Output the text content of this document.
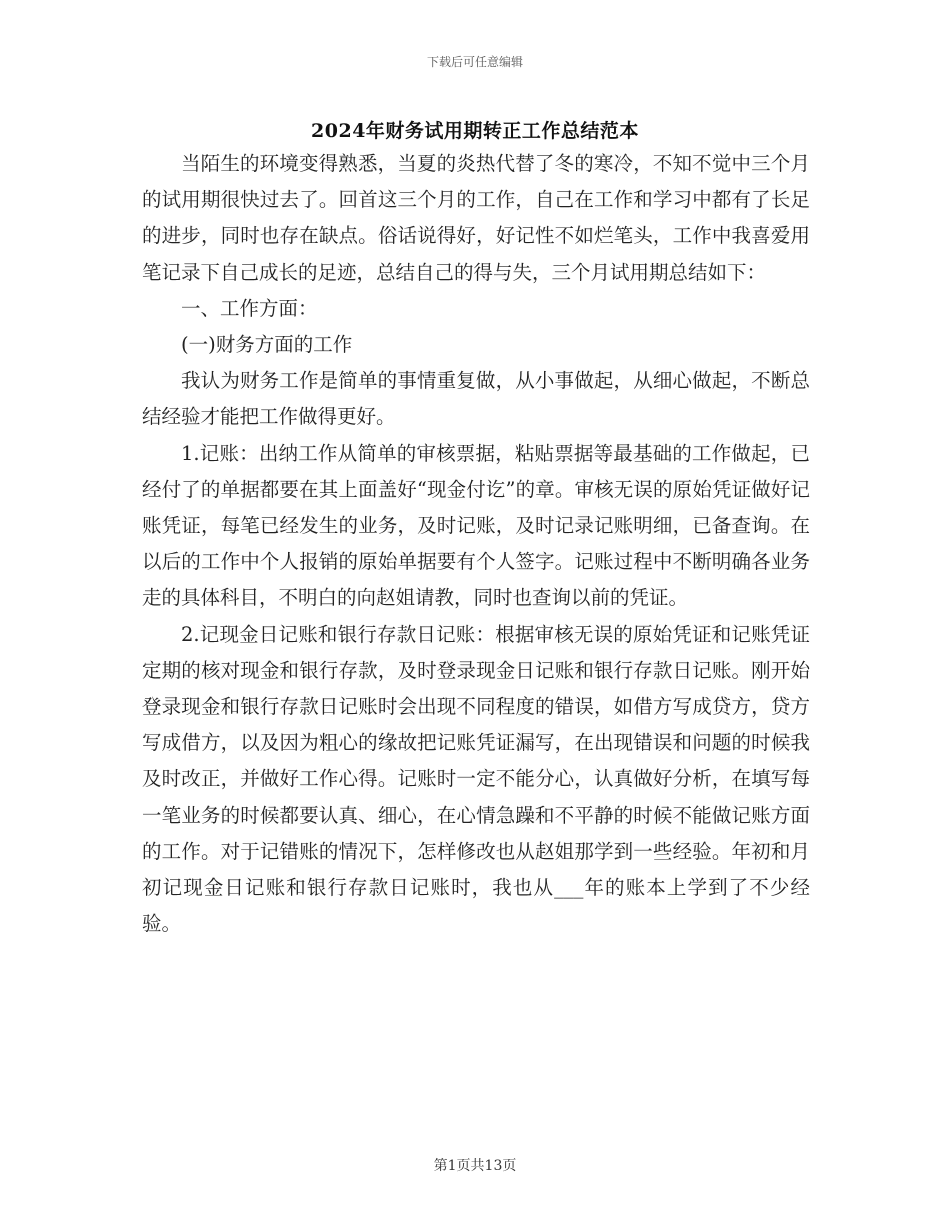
下载后可任意编辑
2024年财务试用期转正工作总结范本

当陌生的环境变得熟悉，当夏的炎热代替了冬的寒冷，不知不觉中三个月的试用期很快过去了。回首这三个月的工作，自己在工作和学习中都有了长足的进步，同时也存在缺点。俗话说得好，好记性不如烂笔头，工作中我喜爱用笔记录下自己成长的足迹，总结自己的得与失，三个月试用期总结如下：

一、工作方面：

(一)财务方面的工作

我认为财务工作是简单的事情重复做，从小事做起，从细心做起，不断总结经验才能把工作做得更好。

1.记账：出纳工作从简单的审核票据，粘贴票据等最基础的工作做起，已经付了的单据都要在其上面盖好“现金付讫”的章。审核无误的原始凭证做好记账凭证，每笔已经发生的业务，及时记账，及时记录记账明细，已备查询。在以后的工作中个人报销的原始单据要有个人签字。记账过程中不断明确各业务走的具体科目，不明白的向赵姐请教，同时也查询以前的凭证。

2.记现金日记账和银行存款日记账：根据审核无误的原始凭证和记账凭证定期的核对现金和银行存款，及时登录现金日记账和银行存款日记账。刚开始登录现金和银行存款日记账时会出现不同程度的错误，如借方写成贷方，贷方写成借方，以及因为粗心的缘故把记账凭证漏写，在出现错误和问题的时候我及时改正，并做好工作心得。记账时一定不能分心，认真做好分析，在填写每一笔业务的时候都要认真、细心，在心情急躁和不平静的时候不能做记账方面的工作。对于记错账的情况下，怎样修改也从赵姐那学到一些经验。年初和月初记现金日记账和银行存款日记账时，我也从___年的账本上学到了不少经验。

第1页共13页
